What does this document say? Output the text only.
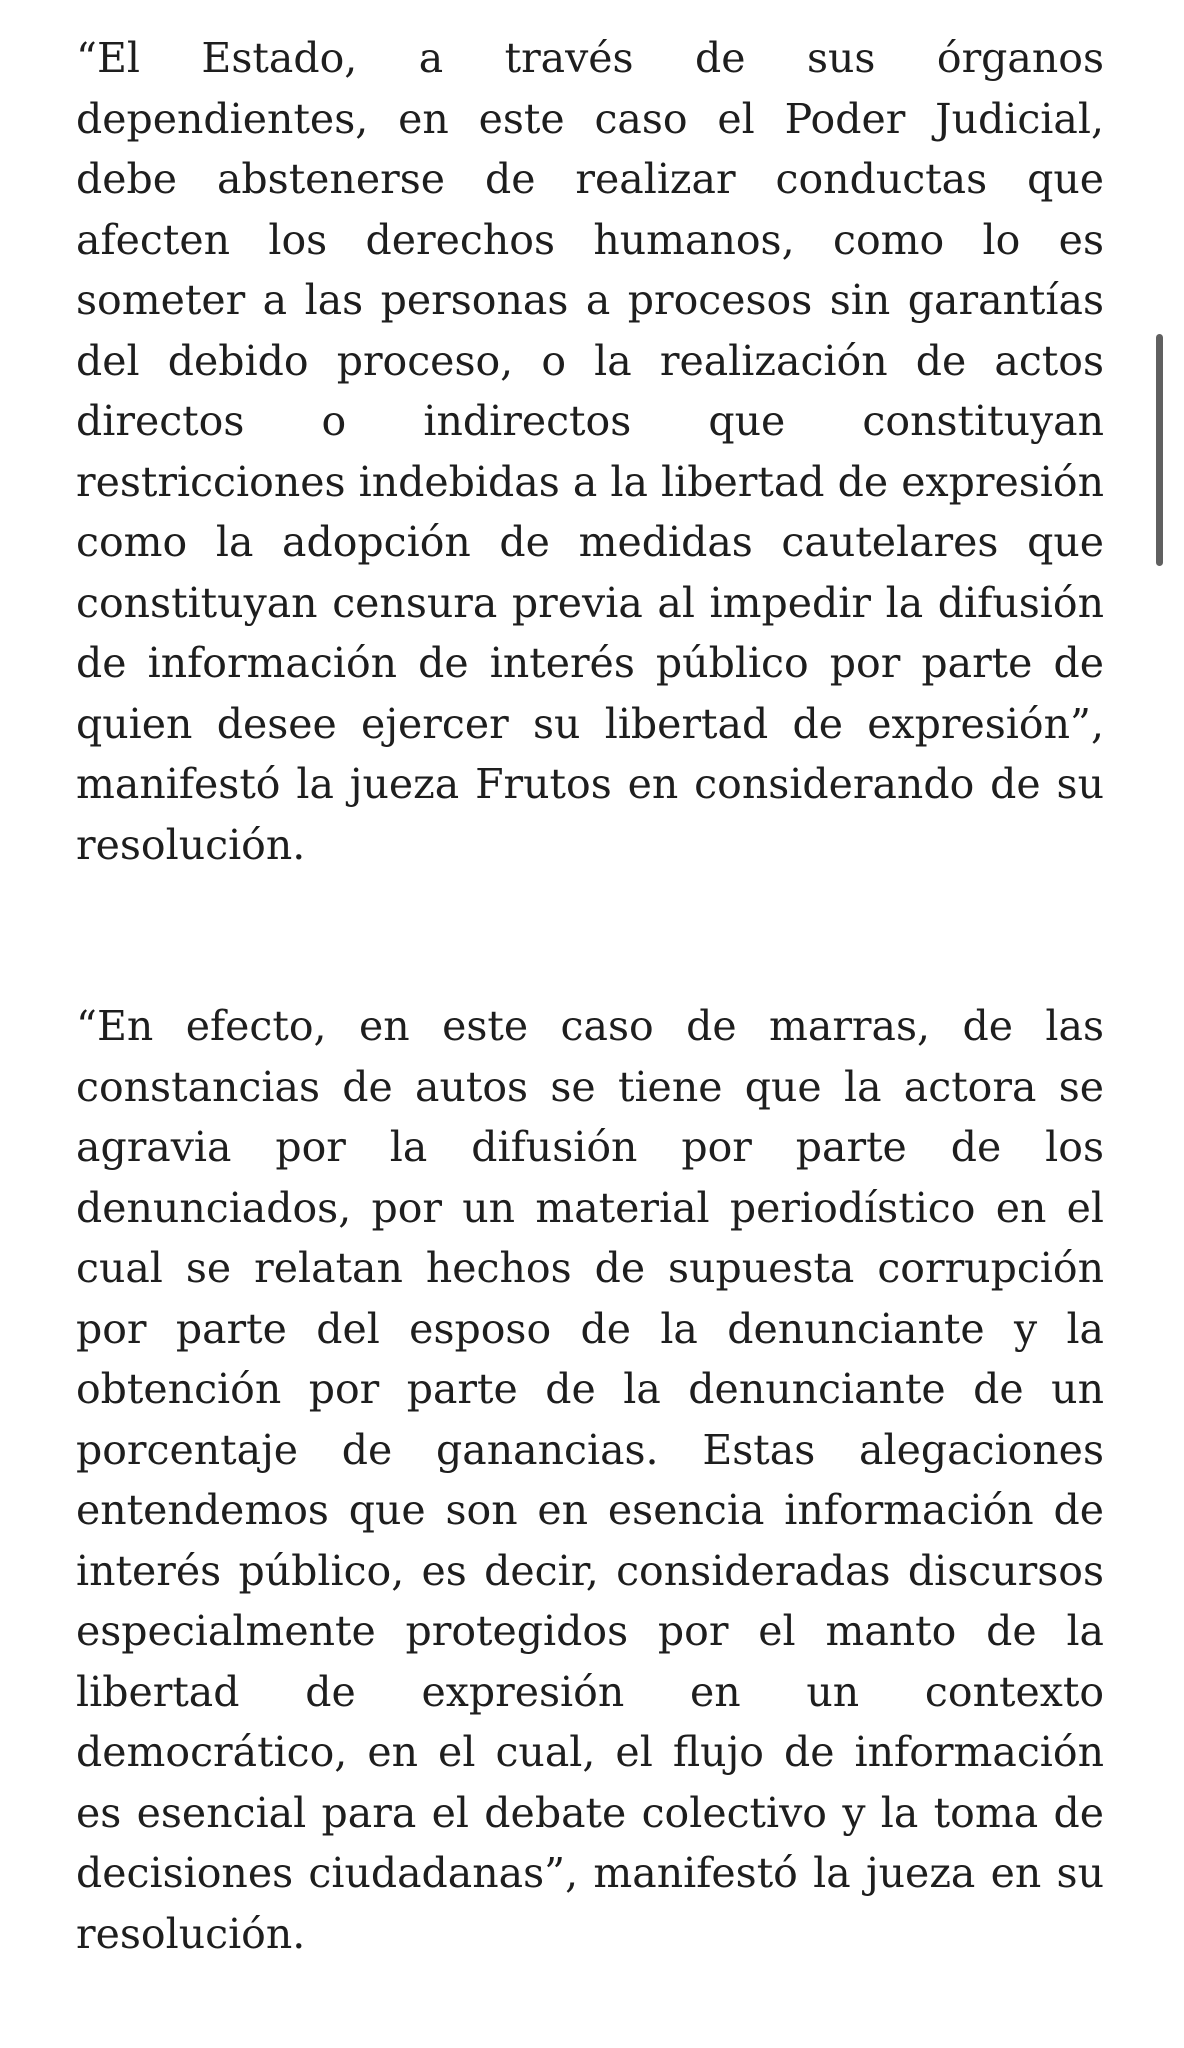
“El Estado, a través de sus órganos dependientes, en este caso el Poder Judicial, debe abstenerse de realizar conductas que afecten los derechos humanos, como lo es someter a las personas a procesos sin garantías del debido proceso, o la realización de actos directos o indirectos que constituyan restricciones indebidas a la libertad de expresión como la adopción de medidas cautelares que constituyan censura previa al impedir la difusión de información de interés público por parte de quien desee ejercer su libertad de expresión”, manifestó la jueza Frutos en considerando de su resolución.

“En efecto, en este caso de marras, de las constancias de autos se tiene que la actora se agravia por la difusión por parte de los denunciados, por un material periodístico en el cual se relatan hechos de supuesta corrupción por parte del esposo de la denunciante y la obtención por parte de la denunciante de un porcentaje de ganancias. Estas alegaciones entendemos que son en esencia información de interés público, es decir, consideradas discursos especialmente protegidos por el manto de la libertad de expresión en un contexto democrático, en el cual, el flujo de información es esencial para el debate colectivo y la toma de decisiones ciudadanas”, manifestó la jueza en su resolución.
